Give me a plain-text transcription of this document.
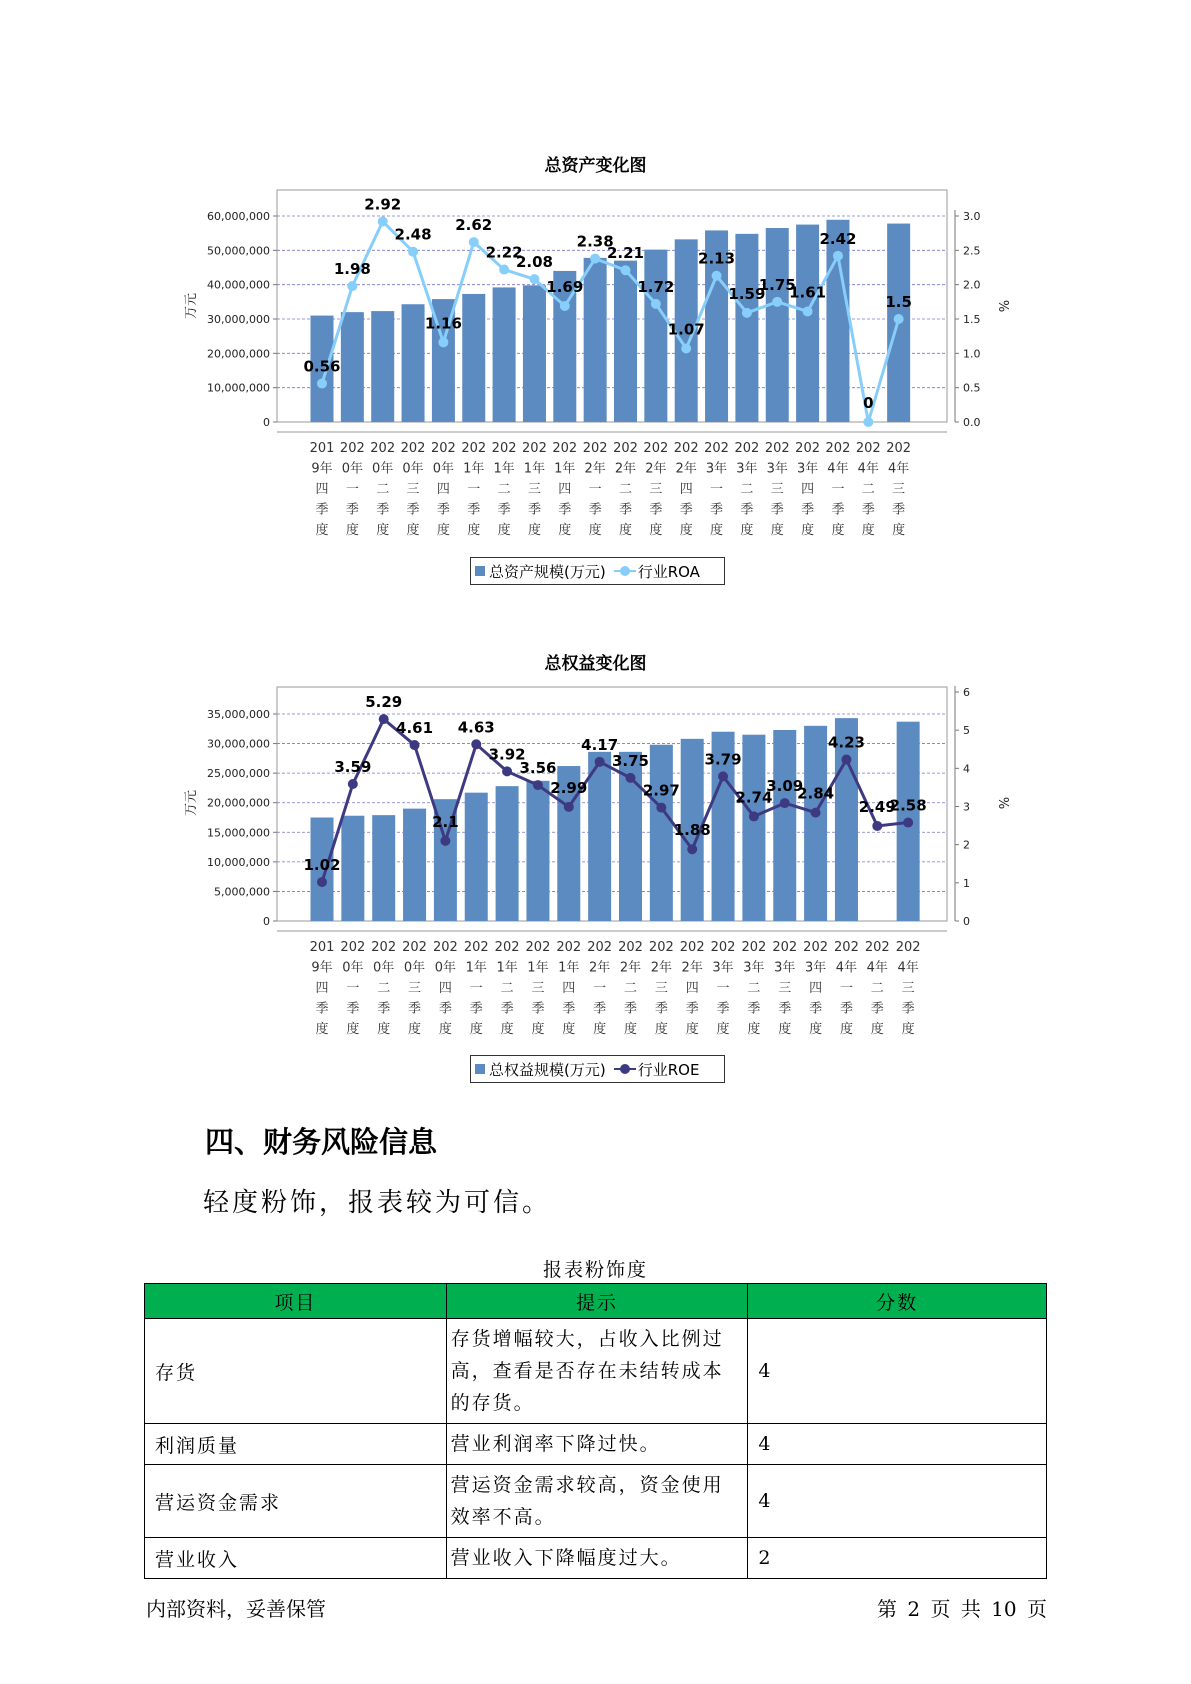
总资产变化图
0
10,000,000
20,000,000
30,000,000
40,000,000
50,000,000
60,000,000
0.0
0.5
1.0
1.5
2.0
2.5
3.0
万元	%
201
9年
四
季
度
202
0年
一
季
度
202
0年
二
季
度
202
0年
三
季
度
202
0年
四
季
度
202
1年
一
季
度
202
1年
二
季
度
202
1年
三
季
度
202
1年
四
季
度
202
2年
一
季
度
202
2年
二
季
度
202
2年
三
季
度
202
2年
四
季
度
202
3年
一
季
度
202
3年
二
季
度
202
3年
三
季
度
202
3年
四
季
度
202
4年
一
季
度
202
4年
二
季
度
202
4年
三
季
度
0.56
1.98
2.92
2.48
1.16
2.62
2.22
2.08
1.69
2.38
2.21
1.72
1.07
2.13
1.59
1.75
1.61
2.42
0
1.5
总资产规模(万元) 行业ROA
总权益变化图
0
5,000,000
10,000,000
15,000,000
20,000,000
25,000,000
30,000,000
35,000,000
0
1
2
3
4
5
6
万元	%
201
9年
四
季
度
202
0年
一
季
度
202
0年
二
季
度
202
0年
三
季
度
202
0年
四
季
度
202
1年
一
季
度
202
1年
二
季
度
202
1年
三
季
度
202
1年
四
季
度
202
2年
一
季
度
202
2年
二
季
度
202
2年
三
季
度
202
2年
四
季
度
202
3年
一
季
度
202
3年
二
季
度
202
3年
三
季
度
202
3年
四
季
度
202
4年
一
季
度
202
4年
二
季
度
202
4年
三
季
度
1.02
3.59
5.29
4.61
2.1
4.63
3.92
3.56
2.99
4.17
3.75
2.97
1.88
3.79
2.74
3.09
2.84
4.23
2.49
2.58
总权益规模(万元) 行业ROE
四、财务风险信息
轻度粉饰，报表较为可信。
报表粉饰度
项目	提示	分数
存货	存货增幅较大，占收入比例过高，查看是否存在未结转成本的存货。	4
利润质量	营业利润率下降过快。	4
营运资金需求	营运资金需求较高，资金使用效率不高。	4
营业收入	营业收入下降幅度过大。	2
内部资料，妥善保管	第 2 页 共 10 页
